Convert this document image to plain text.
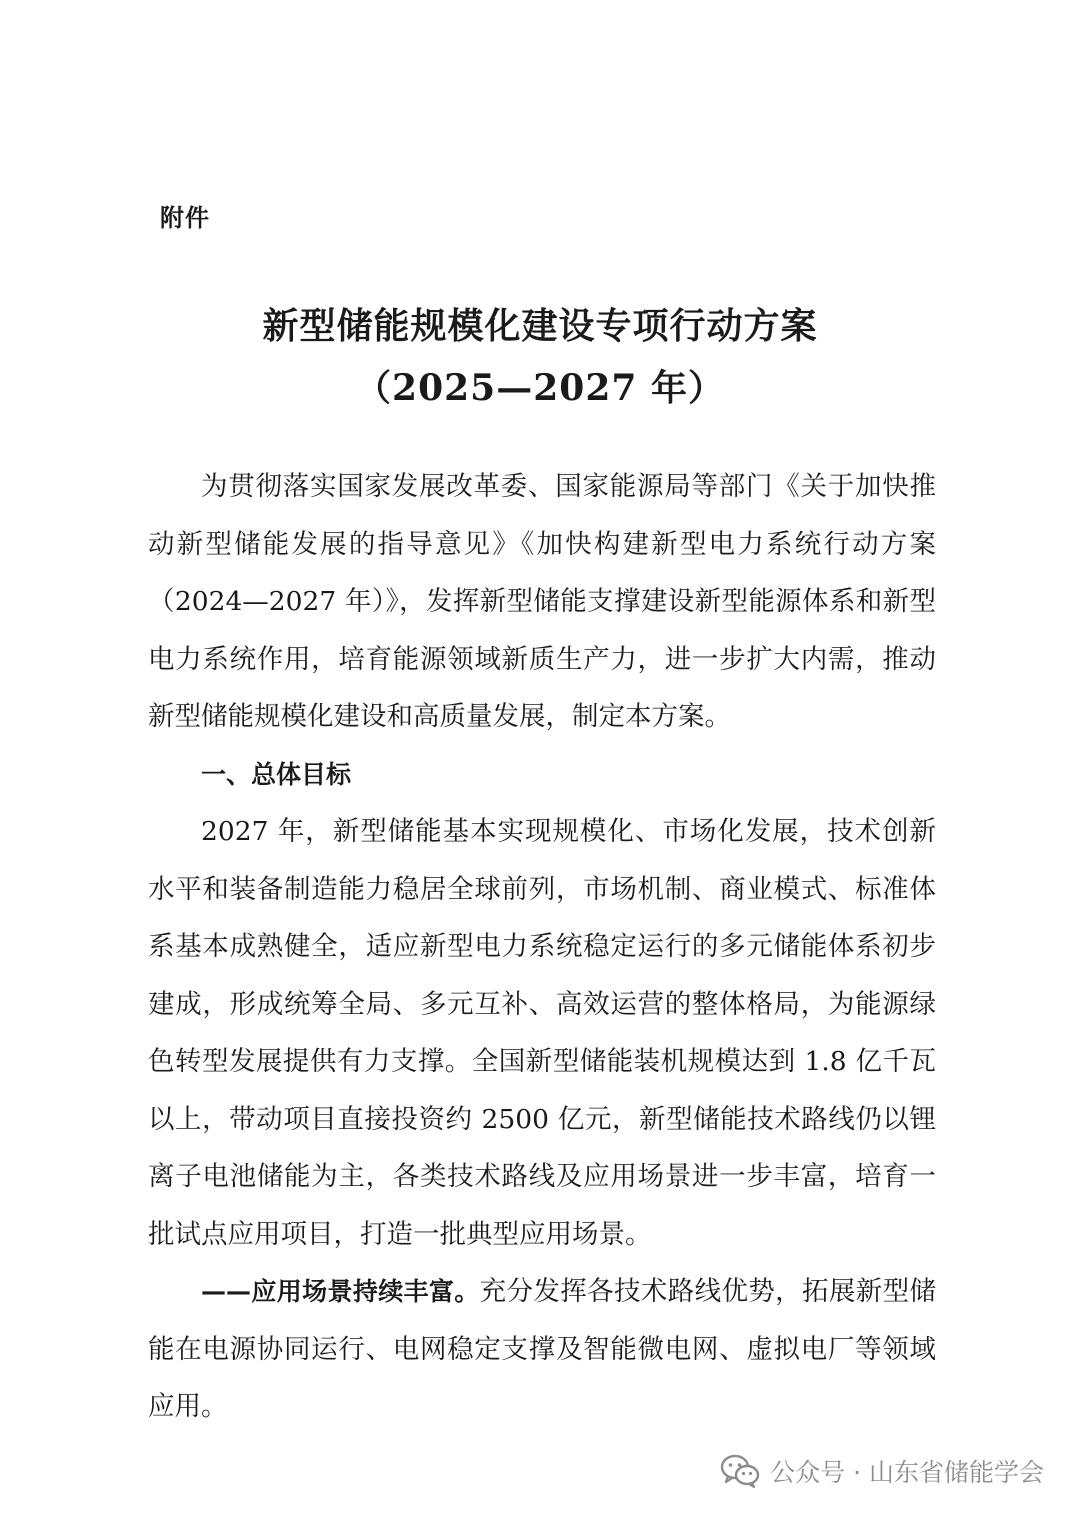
附件
新型储能规模化建设专项行动方案
（2025—2027 年）

为贯彻落实国家发展改革委、国家能源局等部门《关于加快推动新型储能发展的指导意见》《加快构建新型电力系统行动方案（2024—2027 年）》，发挥新型储能支撑建设新型能源体系和新型电力系统作用，培育能源领域新质生产力，进一步扩大内需，推动新型储能规模化建设和高质量发展，制定本方案。

一、总体目标

2027 年，新型储能基本实现规模化、市场化发展，技术创新水平和装备制造能力稳居全球前列，市场机制、商业模式、标准体系基本成熟健全，适应新型电力系统稳定运行的多元储能体系初步建成，形成统筹全局、多元互补、高效运营的整体格局，为能源绿色转型发展提供有力支撑。全国新型储能装机规模达到 1.8 亿千瓦以上，带动项目直接投资约 2500 亿元，新型储能技术路线仍以锂离子电池储能为主，各类技术路线及应用场景进一步丰富，培育一批试点应用项目，打造一批典型应用场景。

——应用场景持续丰富。充分发挥各技术路线优势，拓展新型储能在电源协同运行、电网稳定支撑及智能微电网、虚拟电厂等领域应用。

公众号 · 山东省储能学会
